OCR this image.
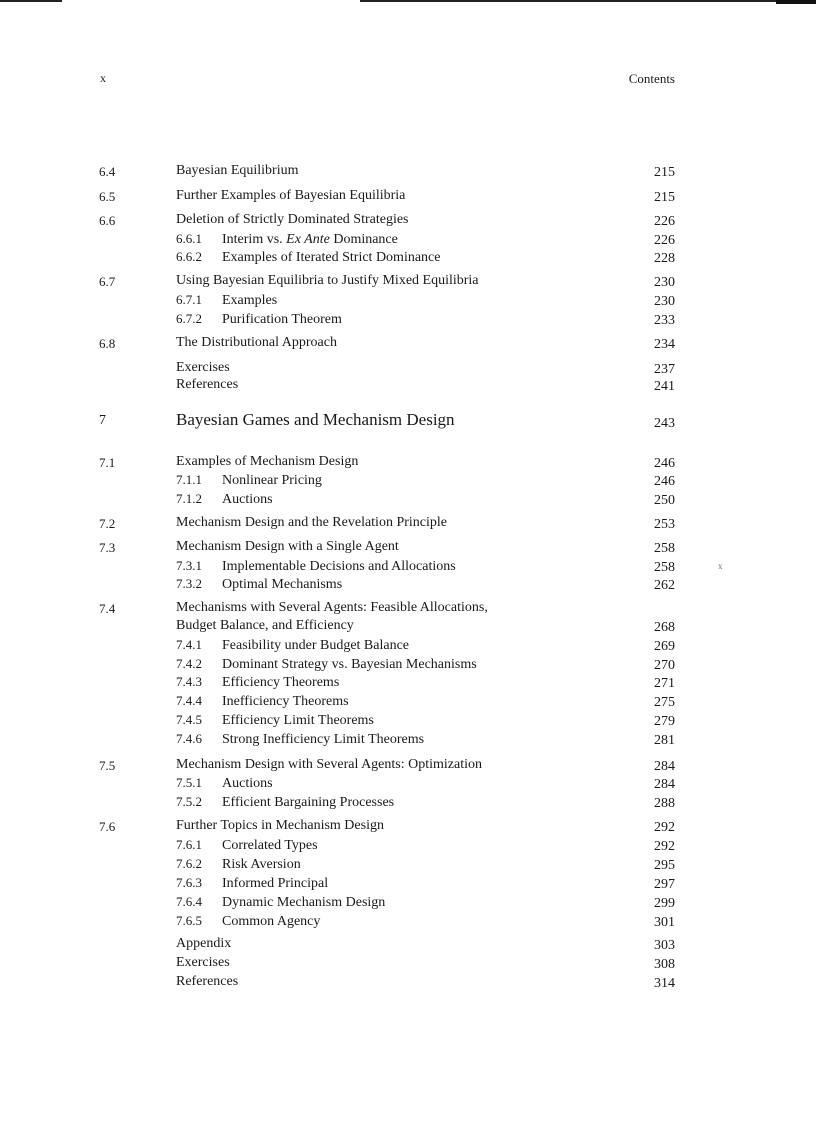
x	Contents
x
6.4	Bayesian Equilibrium	215
6.5	Further Examples of Bayesian Equilibria	215
6.6	Deletion of Strictly Dominated Strategies	226
6.6.1 Interim vs. Ex Ante Dominance	226
6.6.2 Examples of Iterated Strict Dominance	228
6.7	Using Bayesian Equilibria to Justify Mixed Equilibria	230
6.7.1 Examples	230
6.7.2 Purification Theorem	233
6.8	The Distributional Approach	234
Exercises	237
References	241
7	Bayesian Games and Mechanism Design	243
7.1	Examples of Mechanism Design	246
7.1.1 Nonlinear Pricing	246
7.1.2 Auctions	250
7.2	Mechanism Design and the Revelation Principle	253
7.3	Mechanism Design with a Single Agent	258
7.3.1 Implementable Decisions and Allocations	258
7.3.2 Optimal Mechanisms	262
7.4	Mechanisms with Several Agents: Feasible Allocations,
Budget Balance, and Efficiency	268
7.4.1 Feasibility under Budget Balance	269
7.4.2 Dominant Strategy vs. Bayesian Mechanisms	270
7.4.3 Efficiency Theorems	271
7.4.4 Inefficiency Theorems	275
7.4.5 Efficiency Limit Theorems	279
7.4.6 Strong Inefficiency Limit Theorems	281
7.5	Mechanism Design with Several Agents: Optimization	284
7.5.1 Auctions	284
7.5.2 Efficient Bargaining Processes	288
7.6	Further Topics in Mechanism Design	292
7.6.1 Correlated Types	292
7.6.2 Risk Aversion	295
7.6.3 Informed Principal	297
7.6.4 Dynamic Mechanism Design	299
7.6.5 Common Agency	301
Appendix	303
Exercises	308
References	314
